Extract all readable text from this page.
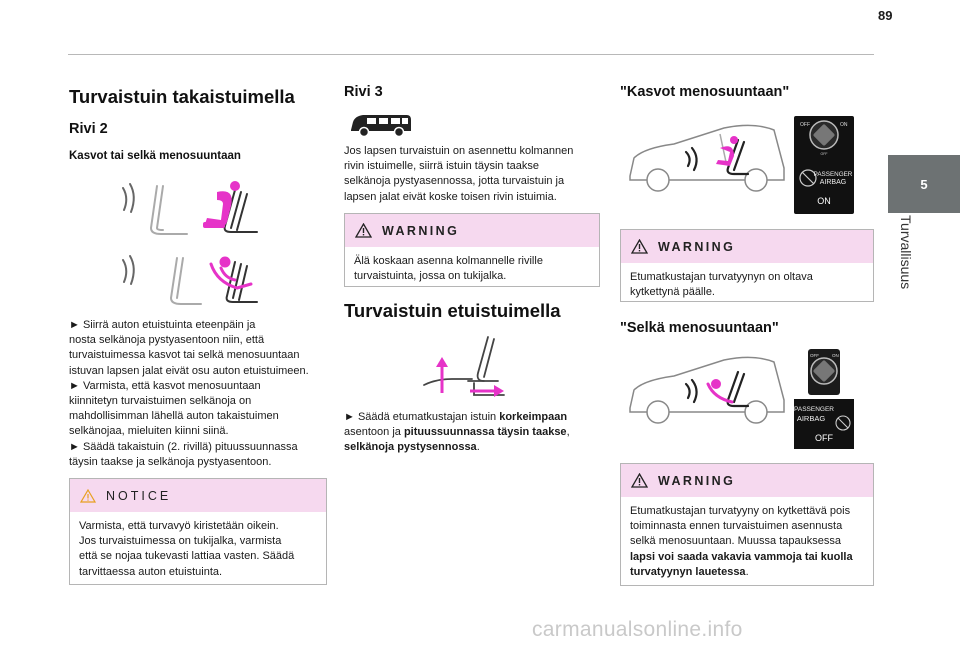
89
5
Turvallisuus
Turvaistuin takaistuimella
Rivi 2
Kasvot tai selkä menosuuntaan

► Siirrä auton etuistuinta eteenpäin ja
nosta selkänoja pystyasentoon niin, että
turvaistuimessa kasvot tai selkä menosuuntaan
istuvan lapsen jalat eivät osu auton etuistuimeen.
► Varmista, että kasvot menosuuntaan
kiinnitetyn turvaistuimen selkänoja on
mahdollisimman lähellä auton takaistuimen
selkänojaa, mieluiten kiinni siinä.
► Säädä takaistuin (2. rivillä) pituussuunnassa
täysin taakse ja selkänoja pystyasentoon.

NOTICE
Varmista, että turvavyö kiristetään oikein.
Jos turvaistuimessa on tukijalka, varmista
että se nojaa tukevasti lattiaa vasten. Säädä
tarvittaessa auton etuistuinta.
Rivi 3

Jos lapsen turvaistuin on asennettu kolmannen
rivin istuimelle, siirrä istuin täysin taakse
selkänoja pystyasennossa, jotta turvaistuin ja
lapsen jalat eivät koske toisen rivin istuimia.

WARNING
Älä koskaan asenna kolmannelle riville
turvaistuinta, jossa on tukijalka.
Turvaistuin etuistuimella

► Säädä etumatkustajan istuin korkeimpaan
asentoon ja pituussuunnassa täysin taakse,
selkänoja pystysennossa.

"Kasvot menosuuntaan"
OFF	ON
OFF
PASSENGER
AIRBAG
ON
WARNING
Etumatkustajan turvatyynyn on oltava
kytkettynä päälle.
"Selkä menosuuntaan"
OFF	ON
PASSENGER
AIRBAG
OFF
WARNING
Etumatkustajan turvatyyny on kytkettävä pois
toiminnasta ennen turvaistuimen asennusta
selkä menosuuntaan. Muussa tapauksessa
lapsi voi saada vakavia vammoja tai kuolla
turvatyynyn lauetessa.
carmanualsonline.info
